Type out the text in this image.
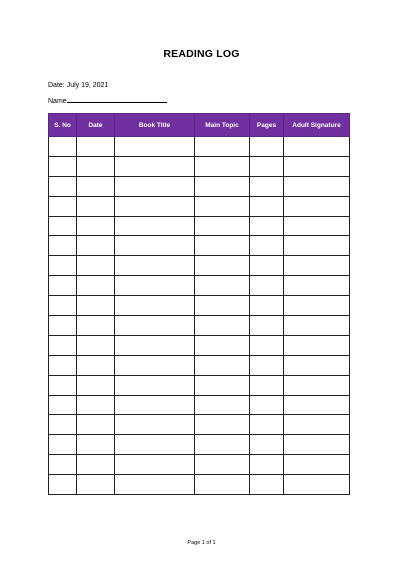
READING LOG
Date: July 19, 2021
Name
S. No	Date	Book Title	Main Topic	Pages	Adult Signature

Page 1 of 1
